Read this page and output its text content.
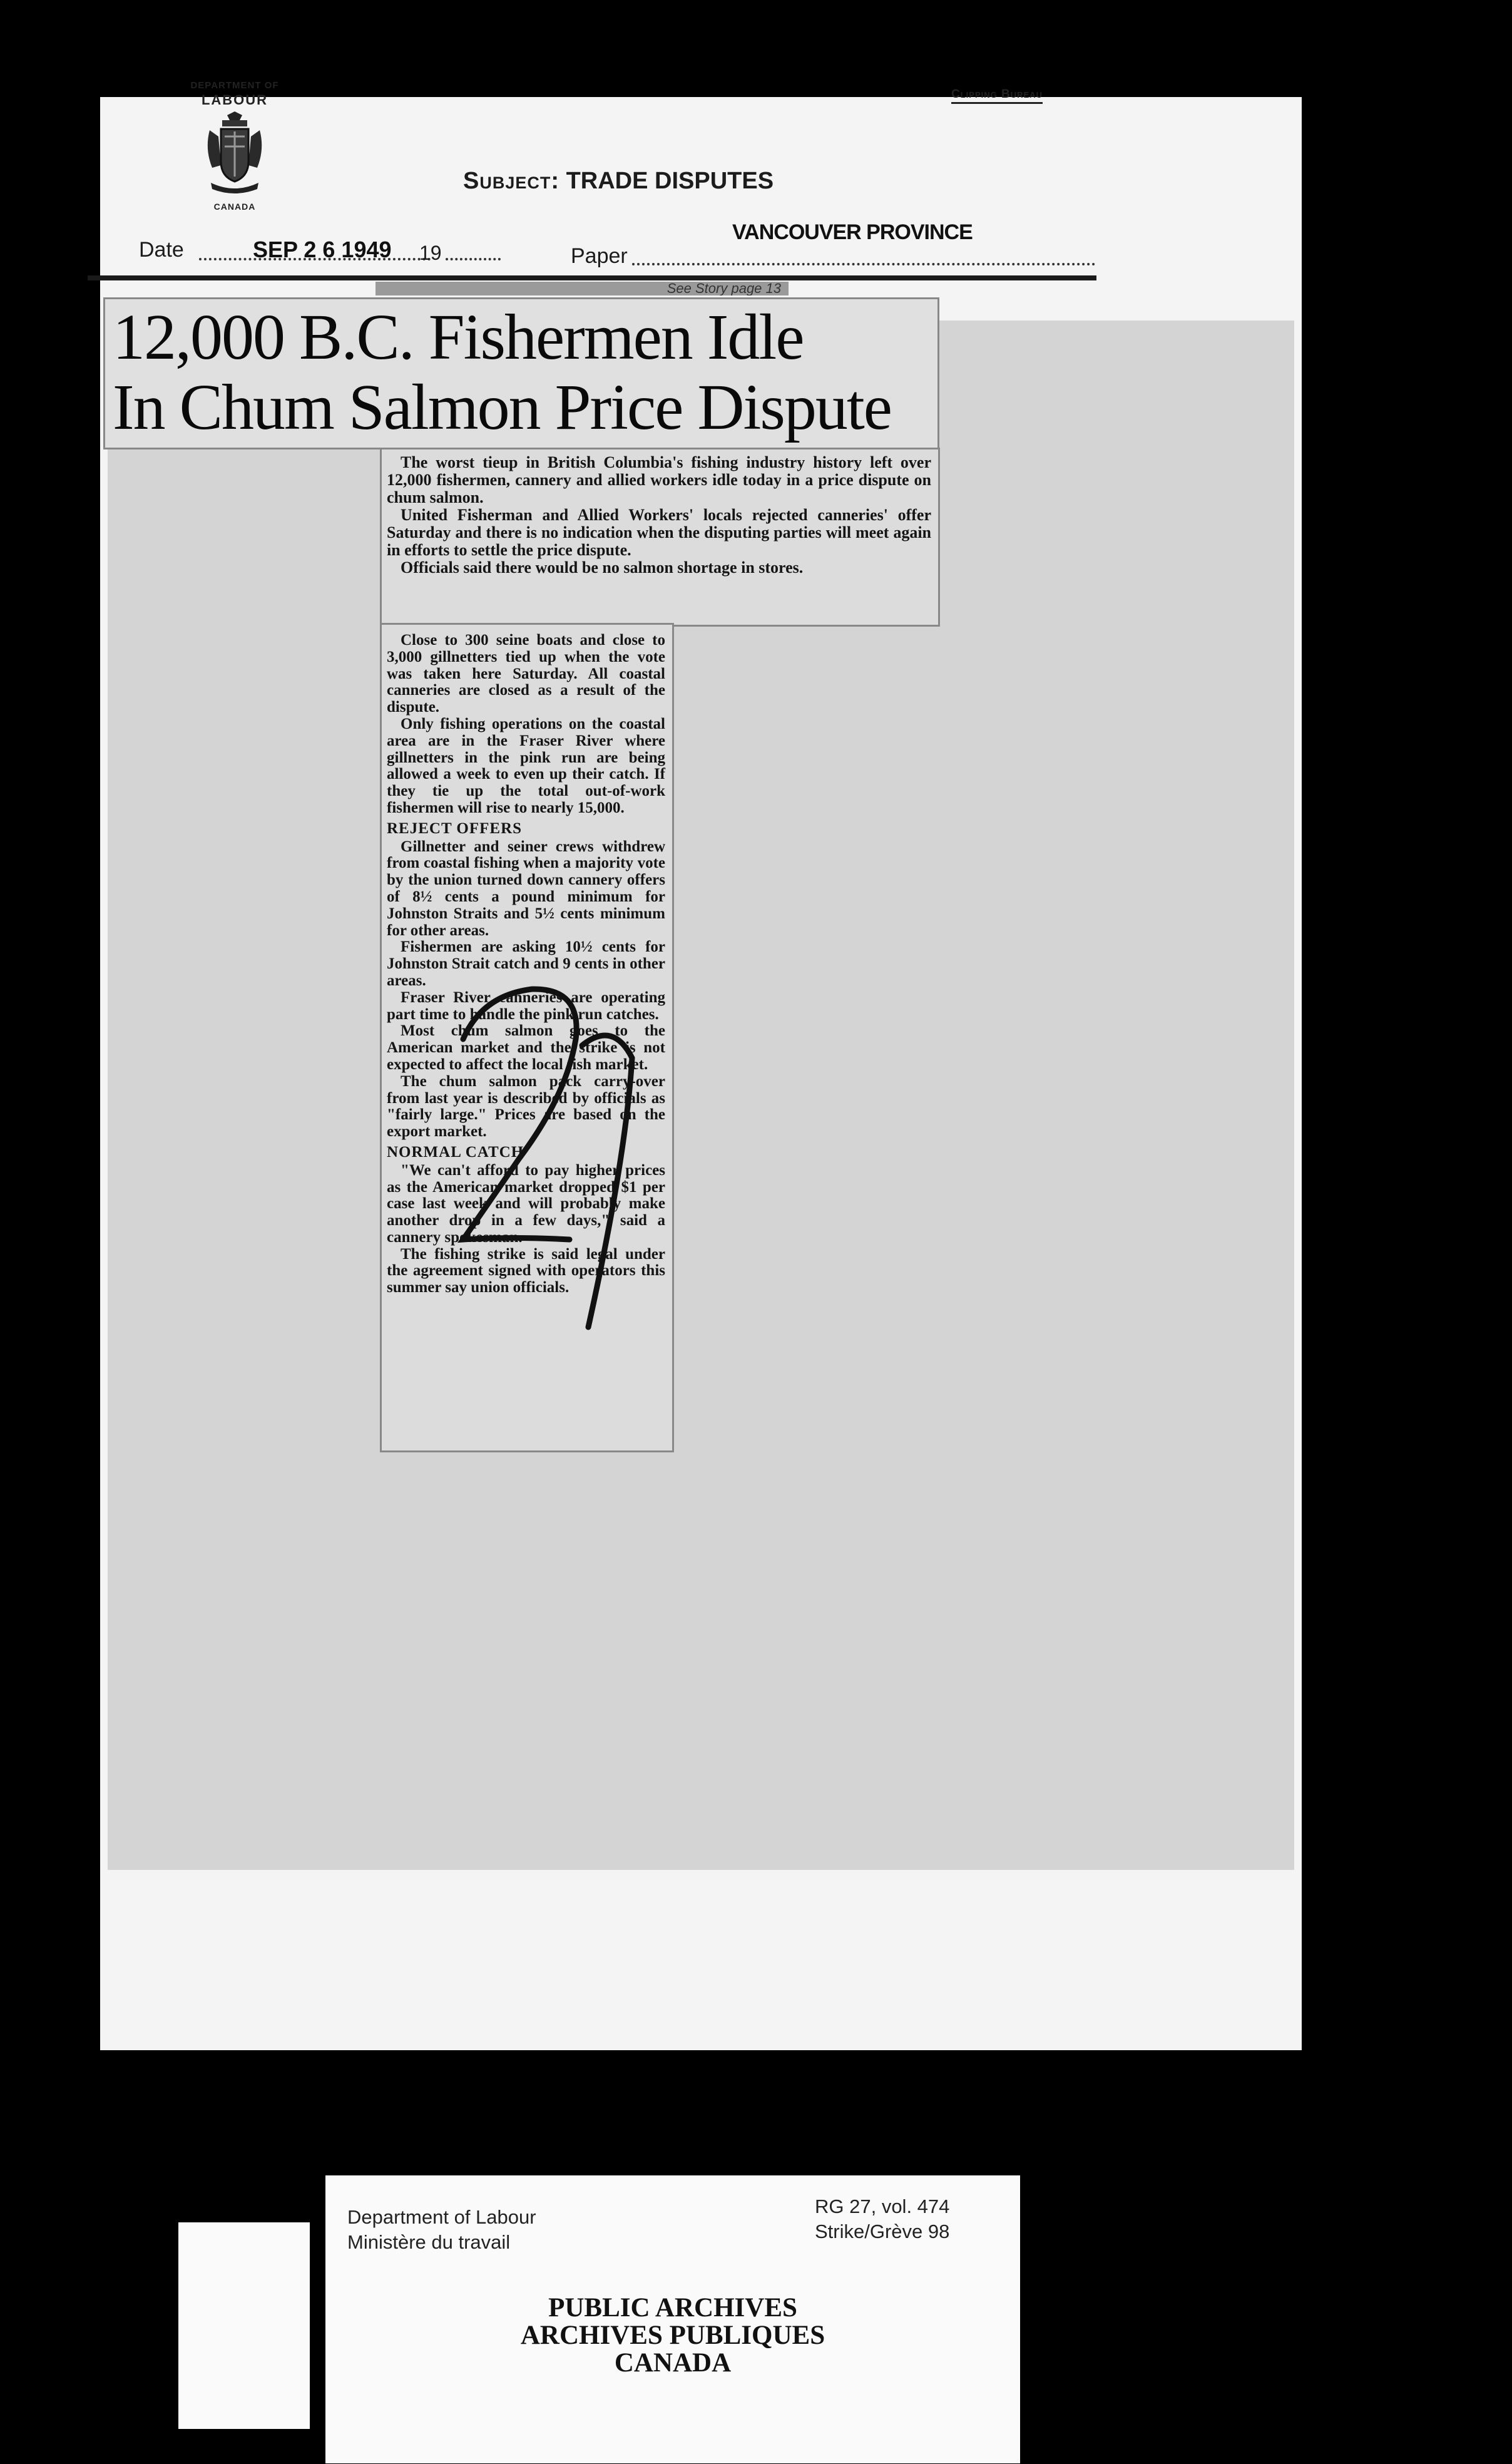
DEPARTMENT OF
LABOUR
CANADA
Clipping Bureau
Subject: TRADE DISPUTES
Date	SEP 2 6 1949 19	Paper
VANCOUVER PROVINCE
See Story page 13
12,000 B.C. Fishermen Idle
In Chum Salmon Price Dispute

The worst tieup in British Columbia's fishing industry history left over 12,000 fishermen, cannery and allied workers idle today in a price dispute on chum salmon.

United Fisherman and Allied Workers' locals rejected canneries' offer Saturday and there is no indication when the disputing parties will meet again in efforts to settle the price dispute.

Officials said there would be no salmon shortage in stores.

Close to 300 seine boats and close to 3,000 gillnetters tied up when the vote was taken here Saturday. All coastal canneries are closed as a result of the dispute.

Only fishing operations on the coastal area are in the Fraser River where gillnetters in the pink run are being allowed a week to even up their catch. If they tie up the total out-of-work fishermen will rise to nearly 15,000.

REJECT OFFERS

Gillnetter and seiner crews withdrew from coastal fishing when a majority vote by the union turned down cannery offers of 8½ cents a pound minimum for Johnston Straits and 5½ cents minimum for other areas.

Fishermen are asking 10½ cents for Johnston Strait catch and 9 cents in other areas.

Fraser River canneries are operating part time to handle the pink run catches.

Most chum salmon goes to the American market and the strike is not expected to affect the local fish market.

The chum salmon pack carry-over from last year is described by officials as "fairly large." Prices are based on the export market.

NORMAL CATCH

"We can't afford to pay higher prices as the American market dropped $1 per case last week and will probably make another drop in a few days," said a cannery spokesman.

The fishing strike is said legal under the agreement signed with operators this summer say union officials.

Department of Labour
Ministère du travail
RG 27, vol. 474
Strike/Grève 98
PUBLIC ARCHIVES
ARCHIVES PUBLIQUES
CANADA
